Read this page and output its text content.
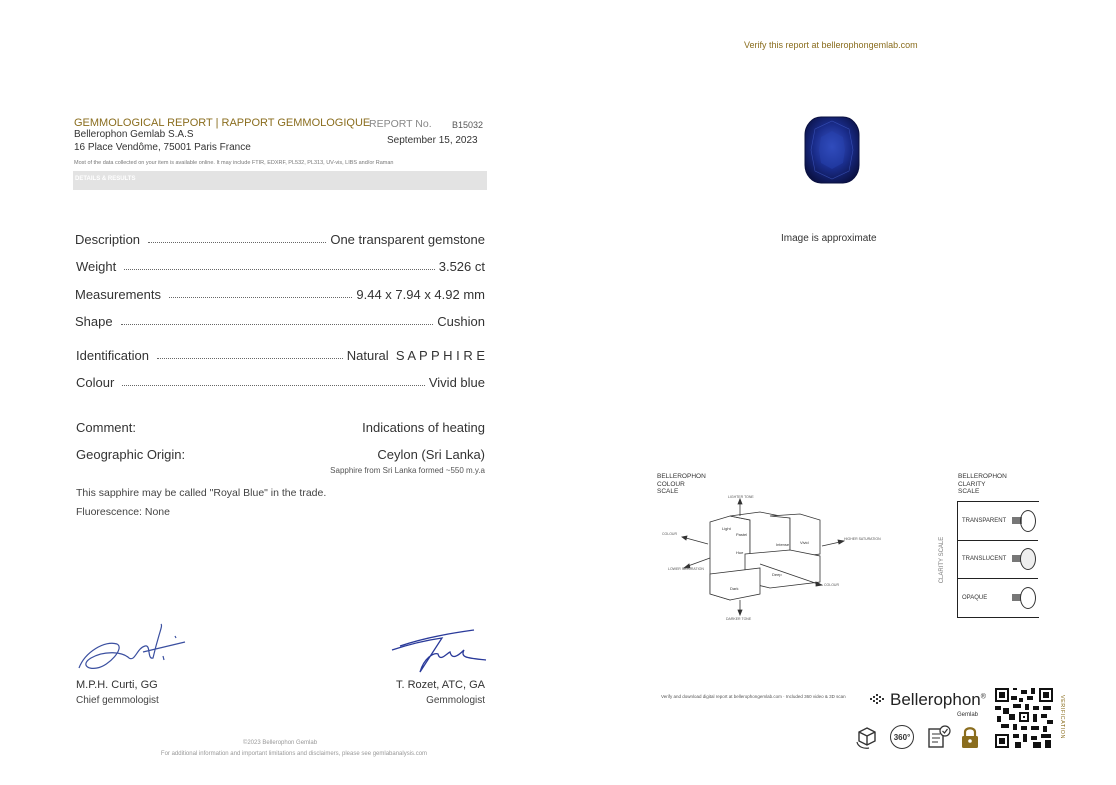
Verify this report at bellerophongemlab.com
GEMMOLOGICAL REPORT | RAPPORT GEMMOLOGIQUE
REPORT No. B15032
Bellerophon Gemlab S.A.S
16 Place Vendôme, 75001 Paris France
September 15, 2023
Most of the data collected on your item is available online. It may include FTIR, EDXRF, PL532, PL313, UV-vis, LIBS and/or Raman
DETAILS & RESULTS
Description	One transparent gemstone
Weight	3.526 ct
Measurements	9.44 x 7.94 x 4.92 mm
Shape	Cushion
Identification	Natural  S A P P H I R E
Colour	Vivid blue
Comment:	Indications of heating
Geographic Origin:	Ceylon (Sri Lanka)
Sapphire from Sri Lanka formed ~550 m.y.a
This sapphire may be called "Royal Blue" in the trade.
Fluorescence: None
M.P.H. Curti, GG
Chief gemmologist
T. Rozet, ATC, GA
Gemmologist
©2023 Bellerophon Gemlab
For additional information and important limitations and disclaimers, please see gemlabanalysis.com
Image is approximate
BELLEROPHON
COLOUR
SCALE
Light
Pastel
Hue
Intense	Vivid
Deep
Dark
LIGHTER TONE
COLOUR
LOWER SATURATION
DARKER TONE
HIGHER SATURATION
COLOUR
BELLEROPHON
CLARITY
SCALE
CLARITY SCALE
TRANSPARENT
TRANSLUCENT
OPAQUE
Verify and download digital report at bellerophongemlab.com · Included 360 video & 3D scan	Bellerophon®
Gemlab
360°	VERIFICATION
